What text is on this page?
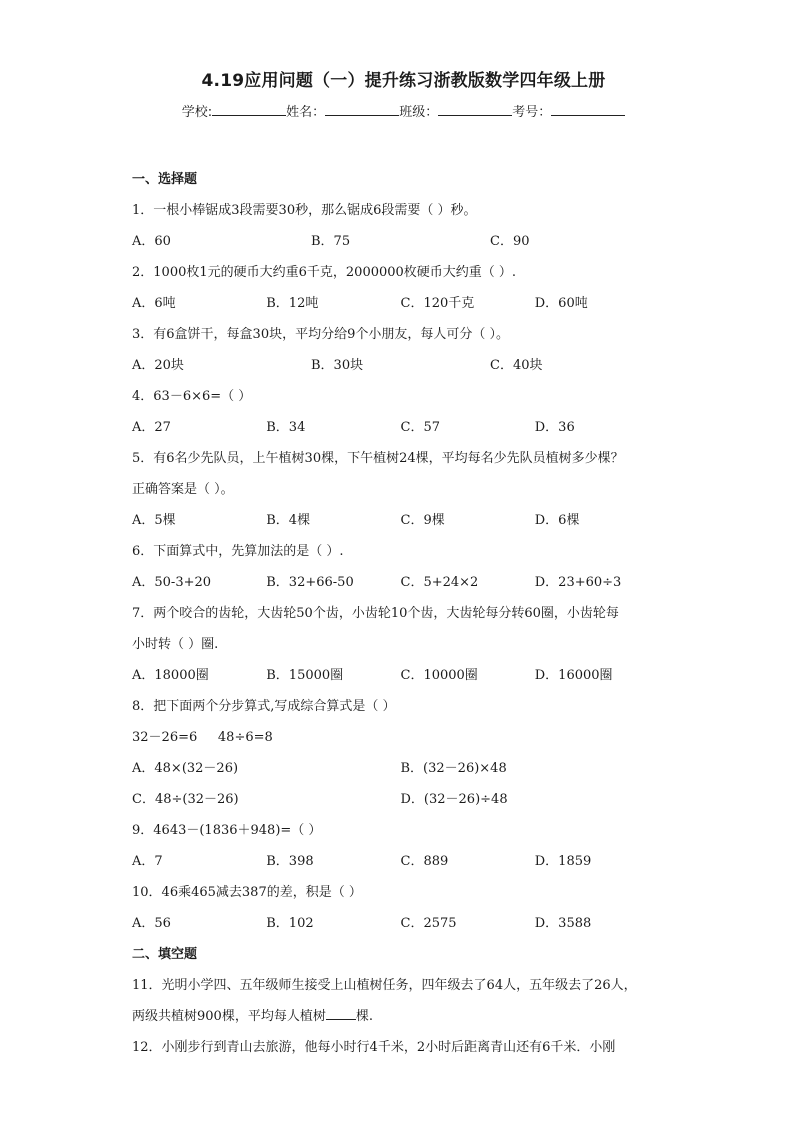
4.19应用问题（一）提升练习浙教版数学四年级上册
学校:	姓名：	班级：	考号：
一、选择题
1．一根小棒锯成3段需要30秒，那么锯成6段需要（ ）秒。
A．60	B．75	C．90
2．1000枚1元的硬币大约重6千克，2000000枚硬币大约重（ ）.
A．6吨	B．12吨	C．120千克	D．60吨
3．有6盒饼干，每盒30块，平均分给9个小朋友，每人可分（ ）。
A．20块	B．30块	C．40块
4．63－6×6=（ ）
A．27	B．34	C．57	D．36
5．有6名少先队员，上午植树30棵，下午植树24棵，平均每名少先队员植树多少棵？
正确答案是（ ）。
A．5棵	B．4棵	C．9棵	D．6棵
6．下面算式中，先算加法的是（ ）.
A．50-3+20	B．32+66-50	C．5+24×2	D．23+60÷3
7．两个咬合的齿轮，大齿轮50个齿，小齿轮10个齿，大齿轮每分转60圈，小齿轮每
小时转（ ）圈.
A．18000圈	B．15000圈	C．10000圈	D．16000圈
8．把下面两个分步算式,写成综合算式是（ ）
32－26=6     48÷6=8
A．48×(32－26)	B．(32－26)×48
C．48÷(32－26)	D．(32－26)÷48
9．4643－(1836＋948)=（ ）
A．7	B．398	C．889	D．1859
10．46乘465减去387的差，积是（ ）
A．56	B．102	C．2575	D．3588
二、填空题
11．光明小学四、五年级师生接受上山植树任务，四年级去了64人，五年级去了26人，
两级共植树900棵，平均每人植树 棵.
12．小刚步行到青山去旅游，他每小时行4千米，2小时后距离青山还有6千米．小刚
